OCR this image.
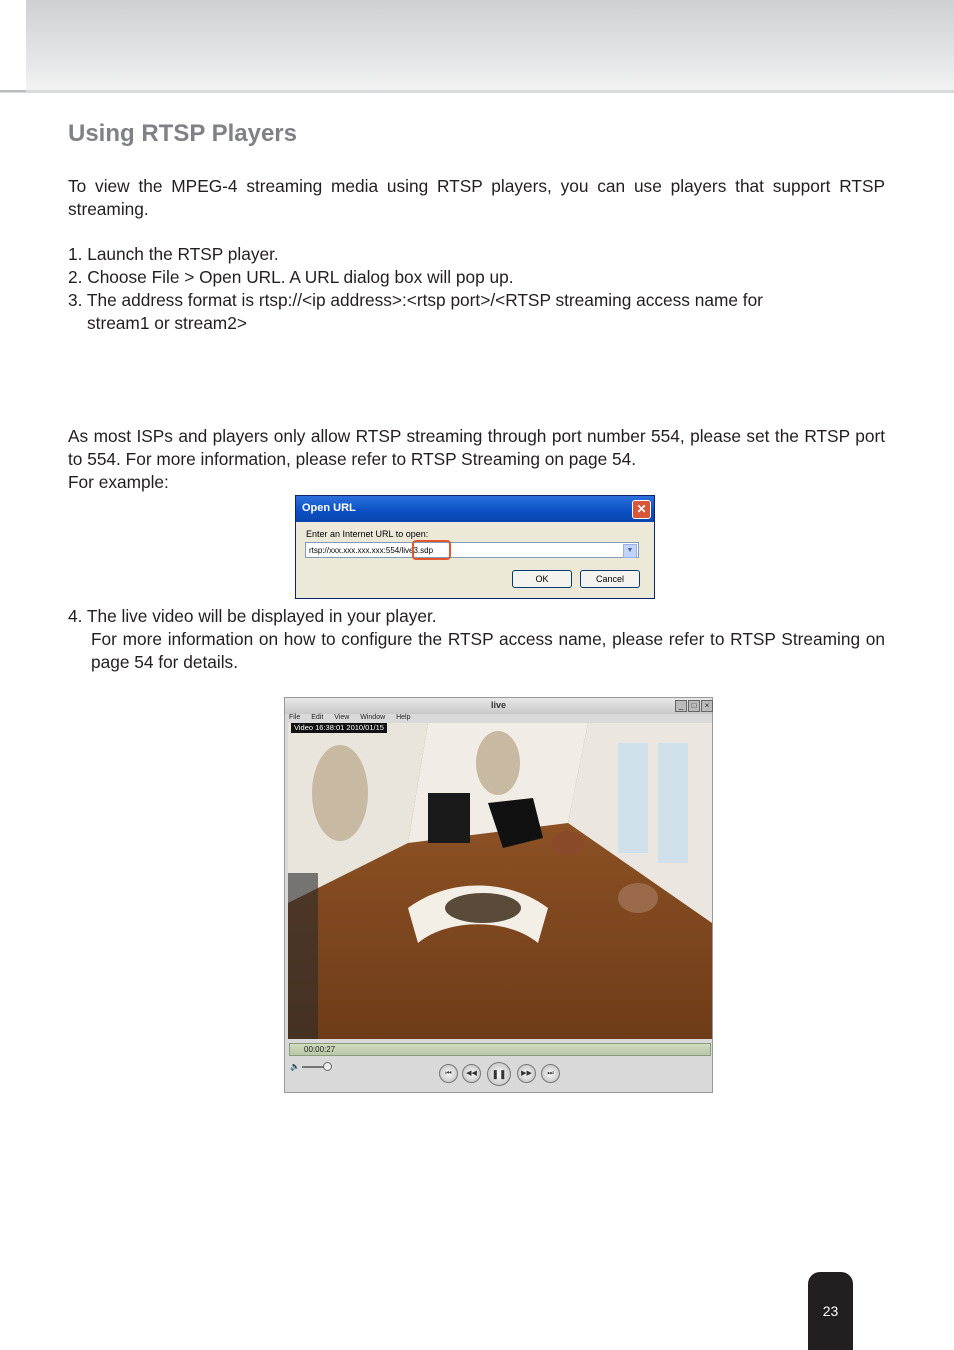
Using RTSP Players

To view the MPEG-4 streaming media using RTSP players, you can use players that support RTSP streaming.

1. Launch the RTSP player.
2. Choose File > Open URL. A URL dialog box will pop up.
3. The address format is rtsp://<ip address>:<rtsp port>/<RTSP streaming access name for
stream1 or stream2>

As most ISPs and players only allow RTSP streaming through port number 554, please set the RTSP port to 554. For more information, please refer to RTSP Streaming on page 54.

For example:
Open URL	✕
Enter an Internet URL to open:
rtsp://xxx.xxx.xxx.xxx:554/live3.sdp	▼
OK	Cancel
4. The live video will be displayed in your player.

For more information on how to configure the RTSP access name, please refer to RTSP Streaming on page 54 for details.

live	_	□	×
File Edit View Window Help
Video 16:38:01 2010/01/15
00:00:27
🔈
⏮	◀◀	❚❚	▶▶	⏭
23
